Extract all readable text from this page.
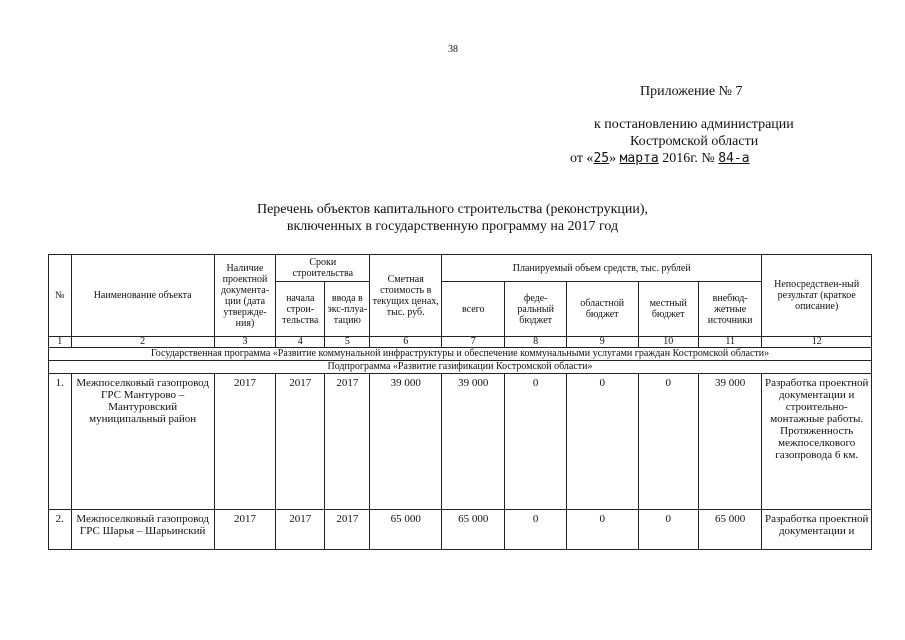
38
Приложение № 7
к постановлению администрации
Костромской области
от «25» марта 2016г. № 84-а
Перечень объектов капитального строительства (реконструкции),
включенных в государственную программу на 2017 год
№	Наименование объекта	Наличие проектной документа-ции (дата утвержде-ния)	Сроки строительства		Сметная стоимость в текущих ценах, тыс. руб.	Планируемый объем средств, тыс. рублей					Непосредствен-ный результат (краткое описание)
			начала строи-тельства	ввода в экс-плуа-тацию		всего	феде-ральный бюджет	областной бюджет	местный бюджет	внебюд-жетные источники	
1	2	3	4	5	6	7	8	9	10	11	12
Государственная программа «Развитие коммунальной инфраструктуры и обеспечение коммунальными услугами граждан Костромской области»											
Подпрограмма «Развитие газификации Костромской области»											
1.	Межпоселковый газопровод ГРС Мантурово – Мантуровский муниципальный район	2017	2017	2017	39 000	39 000	0	0	0	39 000	Разработка проектной документации и строительно-монтажные работы. Протяженность межпоселкового газопровода 6 км.
2.	Межпоселковый газопровод ГРС Шарья – Шарьинский	2017	2017	2017	65 000	65 000	0	0	0	65 000	Разработка проектной документации и
